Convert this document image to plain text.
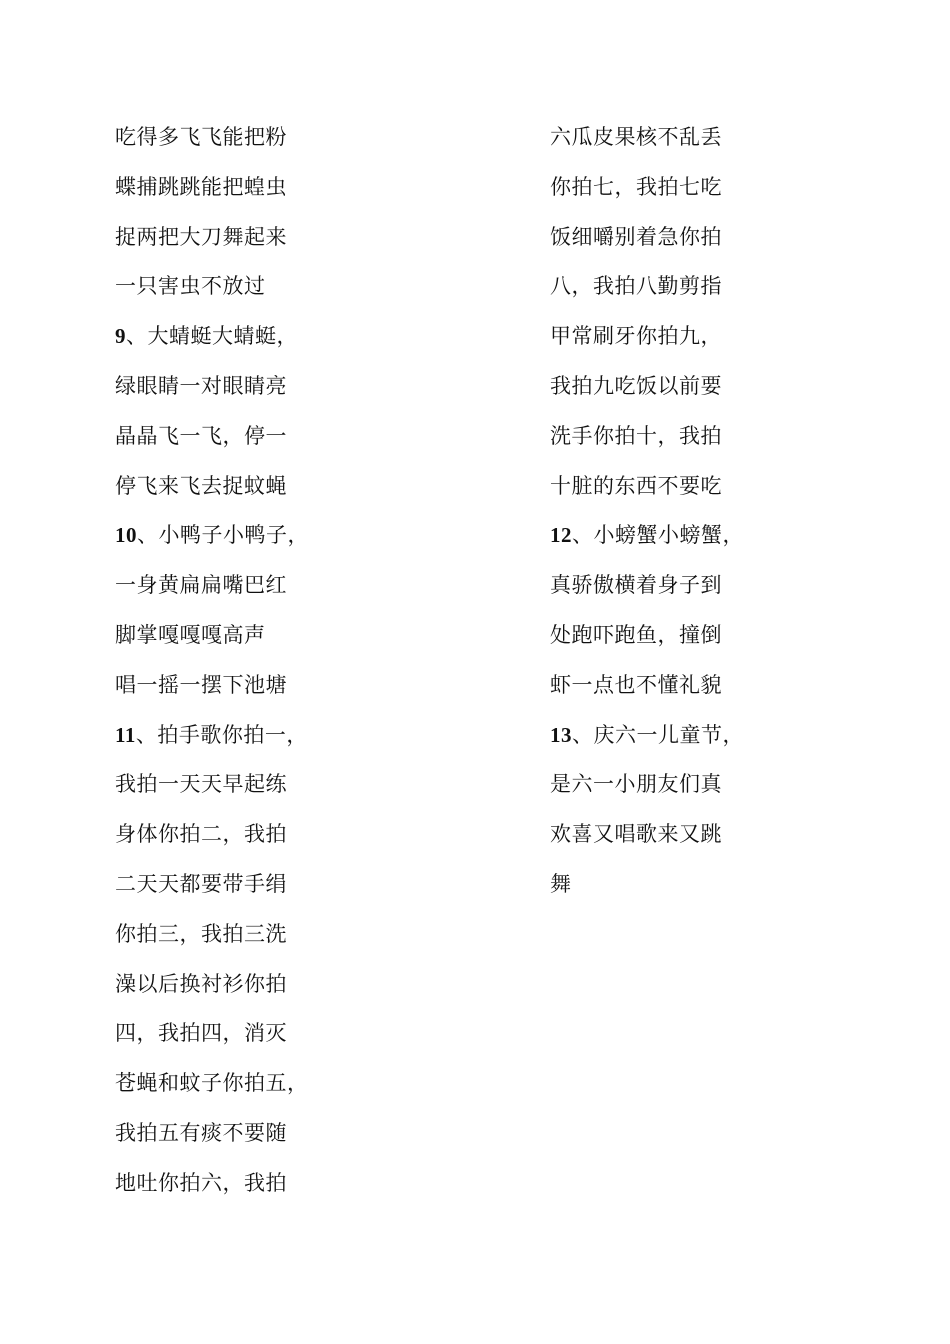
吃得多飞飞能把粉
蝶捕跳跳能把蝗虫
捉两把大刀舞起来
一只害虫不放过
9、大蜻蜓大蜻蜓，
绿眼睛一对眼睛亮
晶晶飞一飞，停一
停飞来飞去捉蚊蝇
10、小鸭子小鸭子，
一身黄扁扁嘴巴红
脚掌嘎嘎嘎高声
唱一摇一摆下池塘
11、拍手歌你拍一，
我拍一天天早起练
身体你拍二，我拍
二天天都要带手绢
你拍三，我拍三洗
澡以后换衬衫你拍
四，我拍四，消灭
苍蝇和蚊子你拍五，
我拍五有痰不要随
地吐你拍六，我拍
六瓜皮果核不乱丢
你拍七，我拍七吃
饭细嚼别着急你拍
八，我拍八勤剪指
甲常刷牙你拍九，
我拍九吃饭以前要
洗手你拍十，我拍
十脏的东西不要吃
12、小螃蟹小螃蟹，
真骄傲横着身子到
处跑吓跑鱼，撞倒
虾一点也不懂礼貌
13、庆六一儿童节，
是六一小朋友们真
欢喜又唱歌来又跳
舞
